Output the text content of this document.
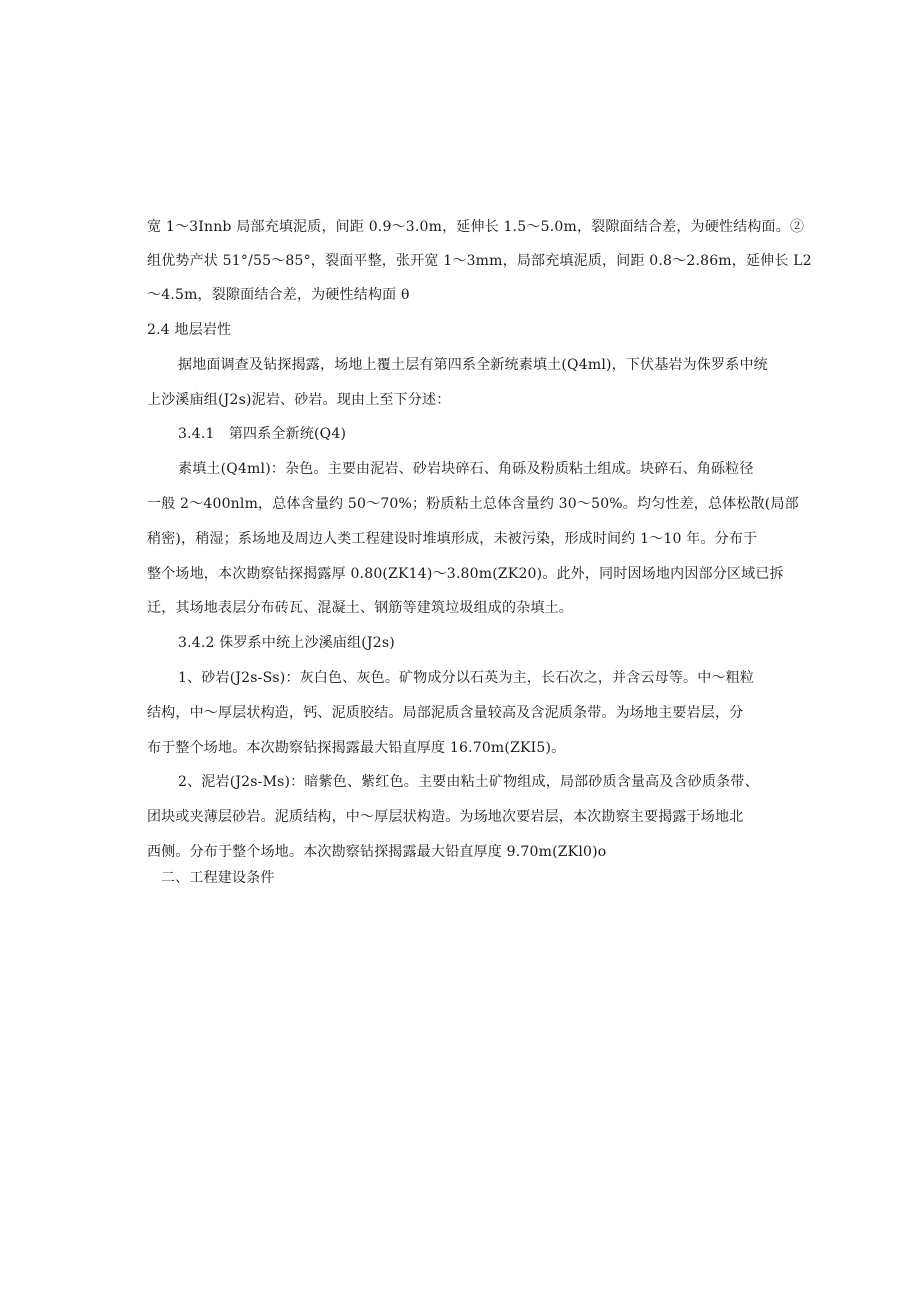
宽 1～3Innb 局部充填泥质，间距 0.9～3.0m，延伸长 1.5～5.0m，裂隙面结合差，为硬性结构面。②
组优势产状 51°/55～85°，裂面平整，张开宽 1～3mm，局部充填泥质，间距 0.8～2.86m，延伸长 L2
～4.5m，裂隙面结合差，为硬性结构面 θ
2.4 地层岩性
据地面调查及钻探揭露，场地上覆土层有第四系全新统素填土(Q4ml)，下伏基岩为侏罗系中统
上沙溪庙组(J2s)泥岩、砂岩。现由上至下分述：
3.4.1　第四系全新统(Q4)
素填土(Q4ml)：杂色。主要由泥岩、砂岩块碎石、角砾及粉质粘土组成。块碎石、角砾粒径
一般 2～400nlm，总体含量约 50～70%；粉质粘土总体含量约 30～50%。均匀性差，总体松散(局部
稍密)，稍湿；系场地及周边人类工程建设时堆填形成，未被污染，形成时间约 1～10 年。分布于
整个场地，本次勘察钻探揭露厚 0.80(ZK14)～3.80m(ZK20)。此外，同时因场地内因部分区域已拆
迁，其场地表层分布砖瓦、混凝土、钢筋等建筑垃圾组成的杂填土。
3.4.2 侏罗系中统上沙溪庙组(J2s)
1、砂岩(J2s-Ss)：灰白色、灰色。矿物成分以石英为主，长石次之，并含云母等。中～粗粒
结构，中～厚层状构造，钙、泥质胶结。局部泥质含量较高及含泥质条带。为场地主要岩层，分
布于整个场地。本次勘察钻探揭露最大铅直厚度 16.70m(ZKI5)。
2、泥岩(J2s-Ms)：暗紫色、紫红色。主要由粘土矿物组成，局部砂质含量高及含砂质条带、
团块或夹薄层砂岩。泥质结构，中～厚层状构造。为场地次要岩层，本次勘察主要揭露于场地北
西侧。分布于整个场地。本次勘察钻探揭露最大铅直厚度 9.70m(ZKl0)o
二、工程建设条件
